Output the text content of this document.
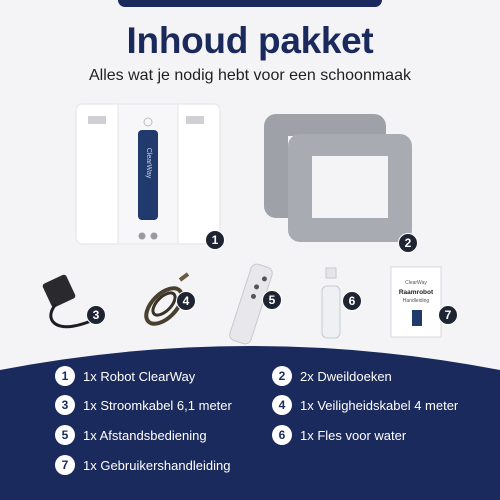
Inhoud pakket
Alles wat je nodig hebt voor een schoonmaak
1	2
4
3
5	6
7
1	1x Robot ClearWay	2	2x Dweildoeken
3	1x Stroomkabel 6,1 meter	4	1x Veiligheidskabel 4 meter
5	1x Afstandsbediening	6	1x Fles voor water
7	1x Gebruikershandleiding
ClearWay
ClearWay
Raamrobot
Handleiding
